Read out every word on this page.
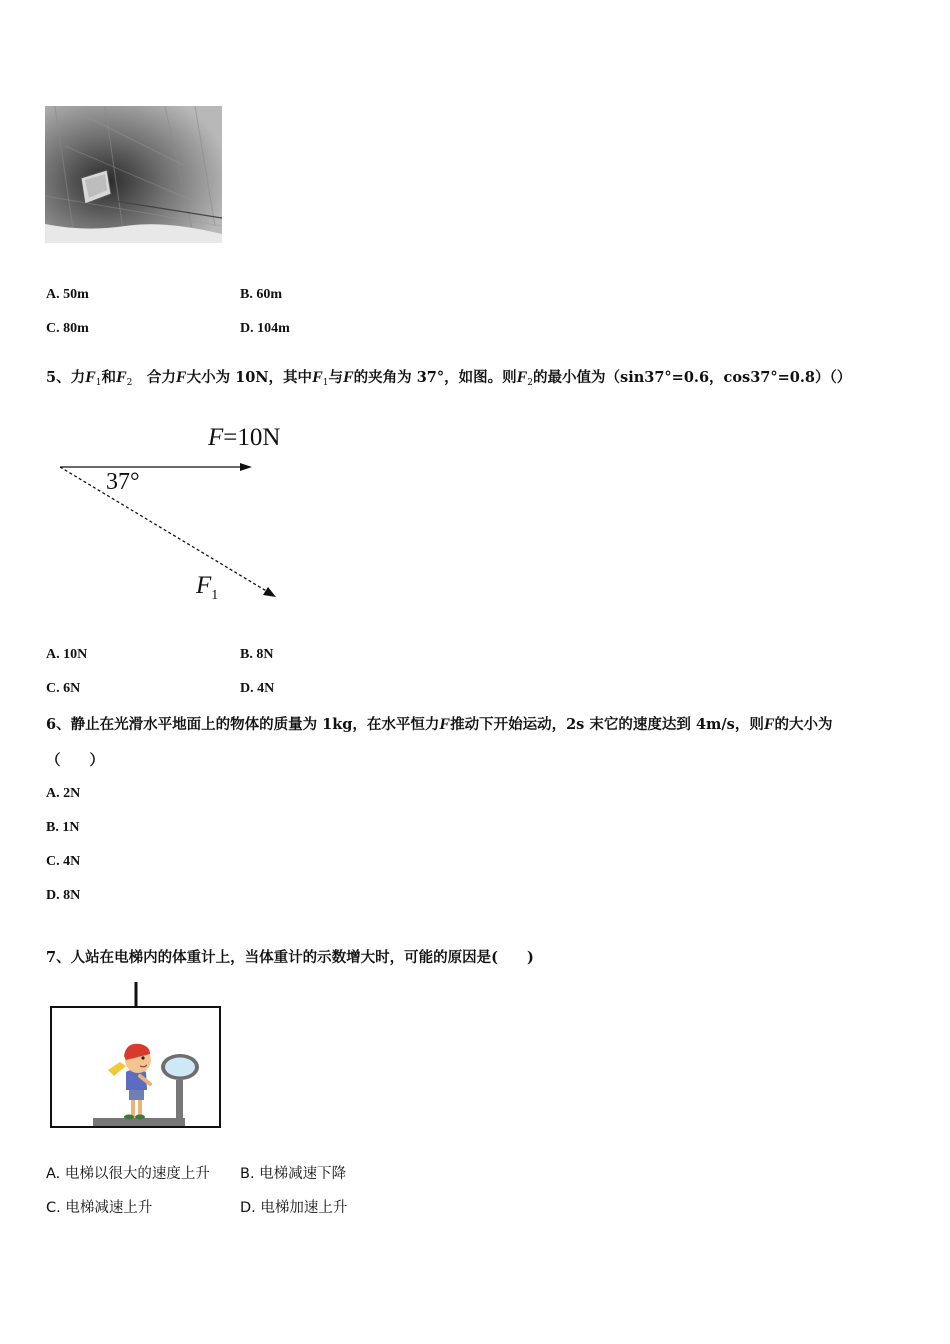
A. 50m	B. 60m
C. 80m	D. 104m
5、力$F_1$和$F_2$　合力F大小为 10N，其中$F_1$与F的夹角为 37°，如图。则$F_2$的最小值为（sin37°=0.6，cos37°=0.8）（）
F=10N
37°
$F_1$
A. 10N	B. 8N
C. 6N	D. 4N
6、静止在光滑水平地面上的物体的质量为 1kg，在水平恒力F推动下开始运动，2s 末它的速度达到 4m/s，则F的大小为
（　　）
A. 2N
B. 1N
C. 4N
D. 8N
7、人站在电梯内的体重计上，当体重计的示数增大时，可能的原因是(　　)
A. 电梯以很大的速度上升 B. 电梯减速下降
C. 电梯减速上升	D. 电梯加速上升
